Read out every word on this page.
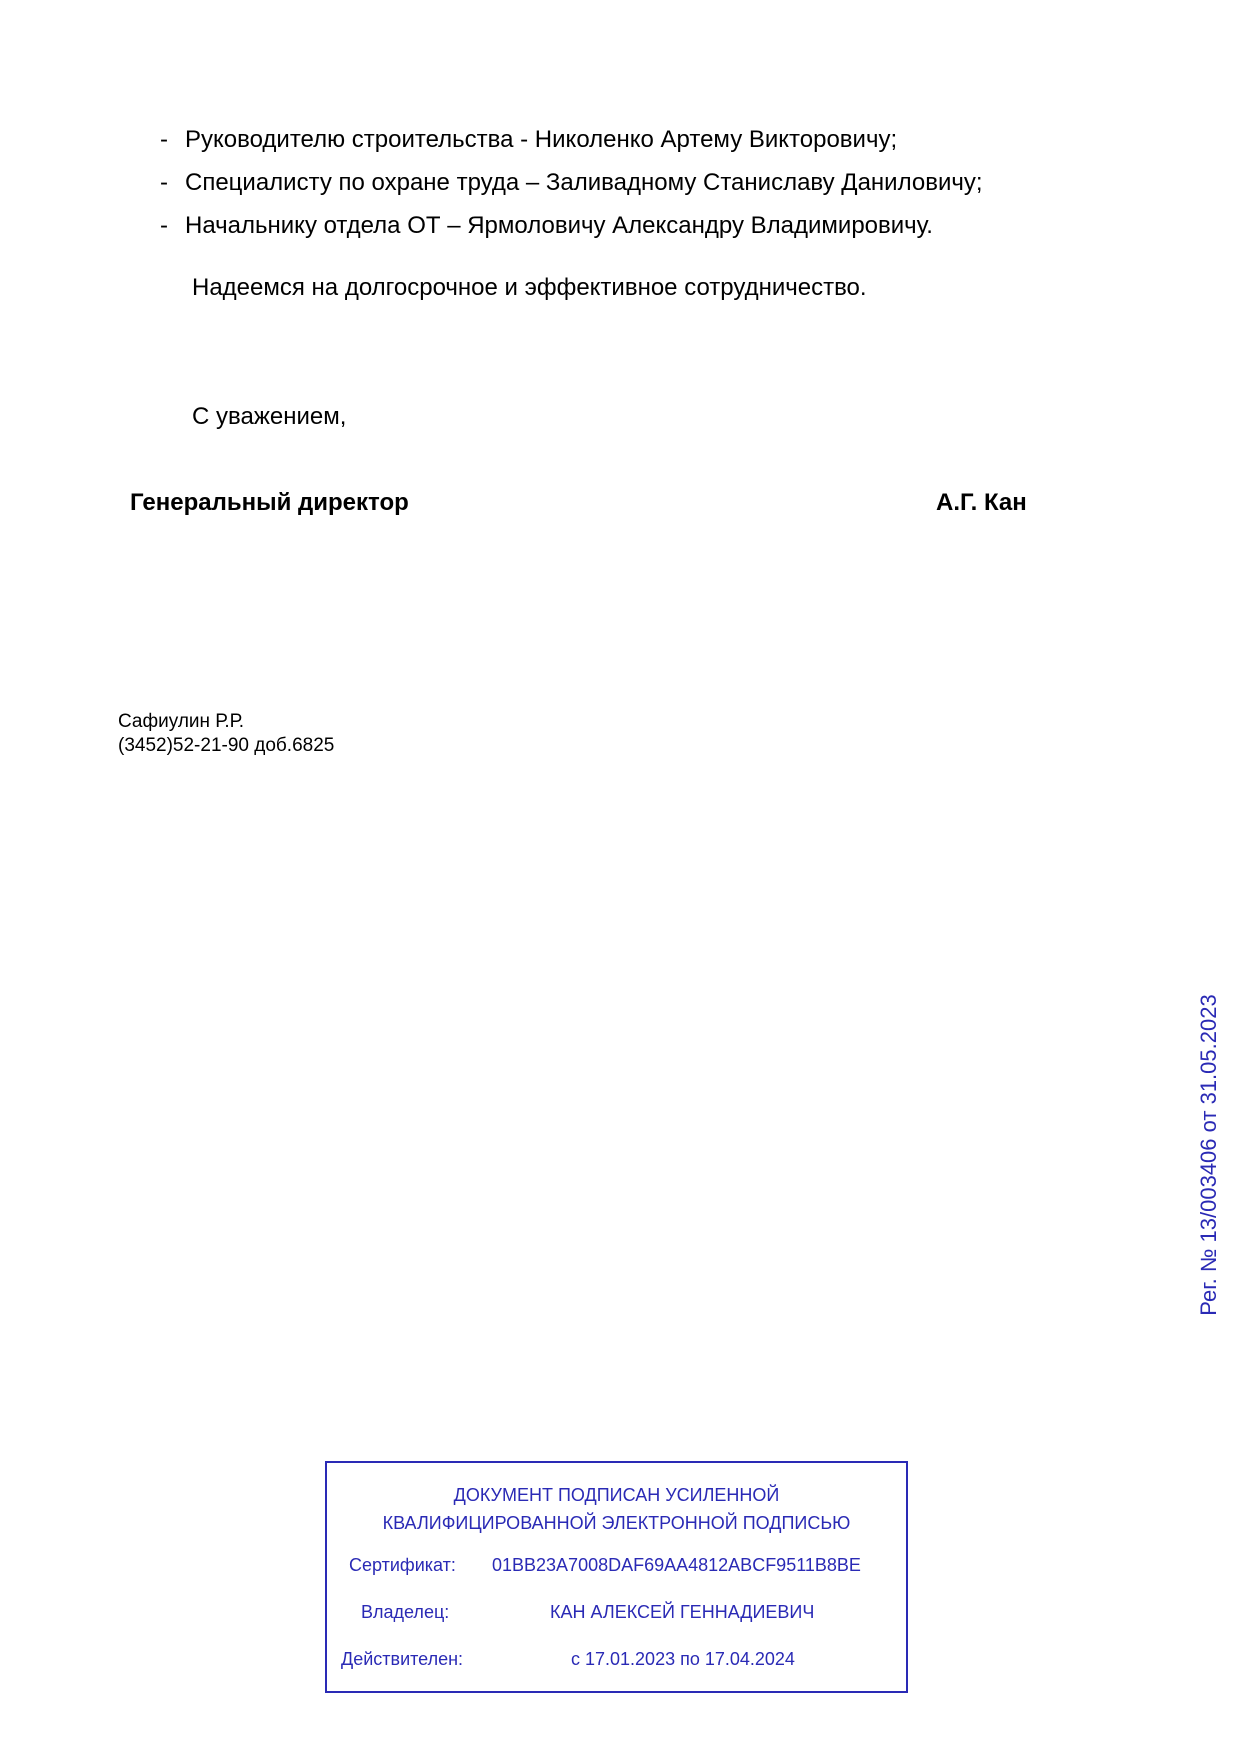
- Руководителю строительства - Николенко Артему Викторовичу;
- Специалисту по охране труда – Заливадному Станиславу Даниловичу;
- Начальнику отдела ОТ – Ярмоловичу Александру Владимировичу.
Надеемся на долгосрочное и эффективное сотрудничество.
С уважением,
Генеральный директор	А.Г. Кан
Сафиулин Р.Р.
(3452)52-21-90 доб.6825
Рег. № 13/003406 от 31.05.2023
ДОКУМЕНТ ПОДПИСАН УСИЛЕННОЙ
КВАЛИФИЦИРОВАННОЙ ЭЛЕКТРОННОЙ ПОДПИСЬЮ
Сертификат: 01BB23A7008DAF69AA4812ABCF9511B8BE
Владелец:	КАН АЛЕКСЕЙ ГЕННАДИЕВИЧ
Действителен:	с 17.01.2023 по 17.04.2024
